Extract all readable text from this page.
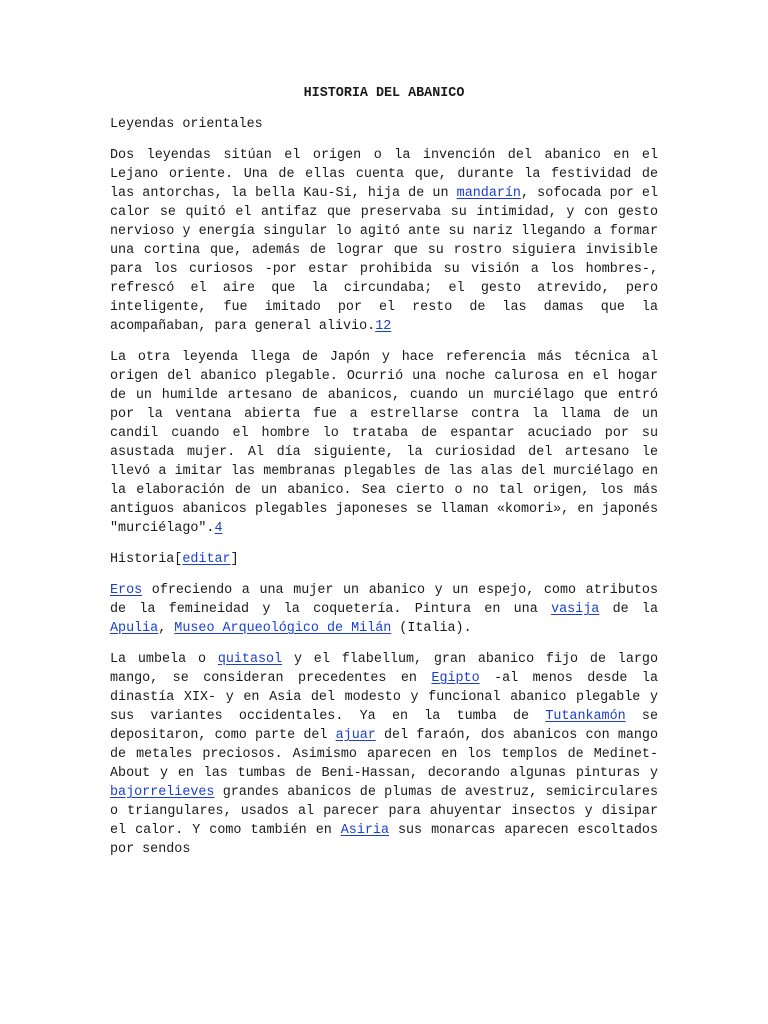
HISTORIA DEL ABANICO
Leyendas orientales

Dos leyendas sitúan el origen o la invención del abanico en el Lejano oriente. Una de ellas cuenta que, durante la festividad de las antorchas, la bella Kau-Si, hija de un mandarín, sofocada por el calor se quitó el antifaz que preservaba su intimidad, y con gesto nervioso y energía singular lo agitó ante su nariz llegando a formar una cortina que, además de lograr que su rostro siguiera invisible para los curiosos -por estar prohibida su visión a los hombres-, refrescó el aire que la circundaba; el gesto atrevido, pero inteligente, fue imitado por el resto de las damas que la acompañaban, para general alivio.12

La otra leyenda llega de Japón y hace referencia más técnica al origen del abanico plegable. Ocurrió una noche calurosa en el hogar de un humilde artesano de abanicos, cuando un murciélago que entró por la ventana abierta fue a estrellarse contra la llama de un candil cuando el hombre lo trataba de espantar acuciado por su asustada mujer. Al día siguiente, la curiosidad del artesano le llevó a imitar las membranas plegables de las alas del murciélago en la elaboración de un abanico. Sea cierto o no tal origen, los más antiguos abanicos plegables japoneses se llaman «komori», en japonés "murciélago".4

Historia[editar]

Eros ofreciendo a una mujer un abanico y un espejo, como atributos de la femineidad y la coquetería. Pintura en una vasija de la Apulia, Museo Arqueológico de Milán (Italia).

La umbela o quitasol y el flabellum, gran abanico fijo de largo mango, se consideran precedentes en Egipto -al menos desde la dinastía XIX- y en Asia del modesto y funcional abanico plegable y sus variantes occidentales. Ya en la tumba de Tutankamón se depositaron, como parte del ajuar del faraón, dos abanicos con mango de metales preciosos. Asimismo aparecen en los templos de Medinet-About y en las tumbas de Beni-Hassan, decorando algunas pinturas y bajorrelieves grandes abanicos de plumas de avestruz, semicirculares o triangulares, usados al parecer para ahuyentar insectos y disipar el calor. Y como también en Asiria sus monarcas aparecen escoltados por sendos
